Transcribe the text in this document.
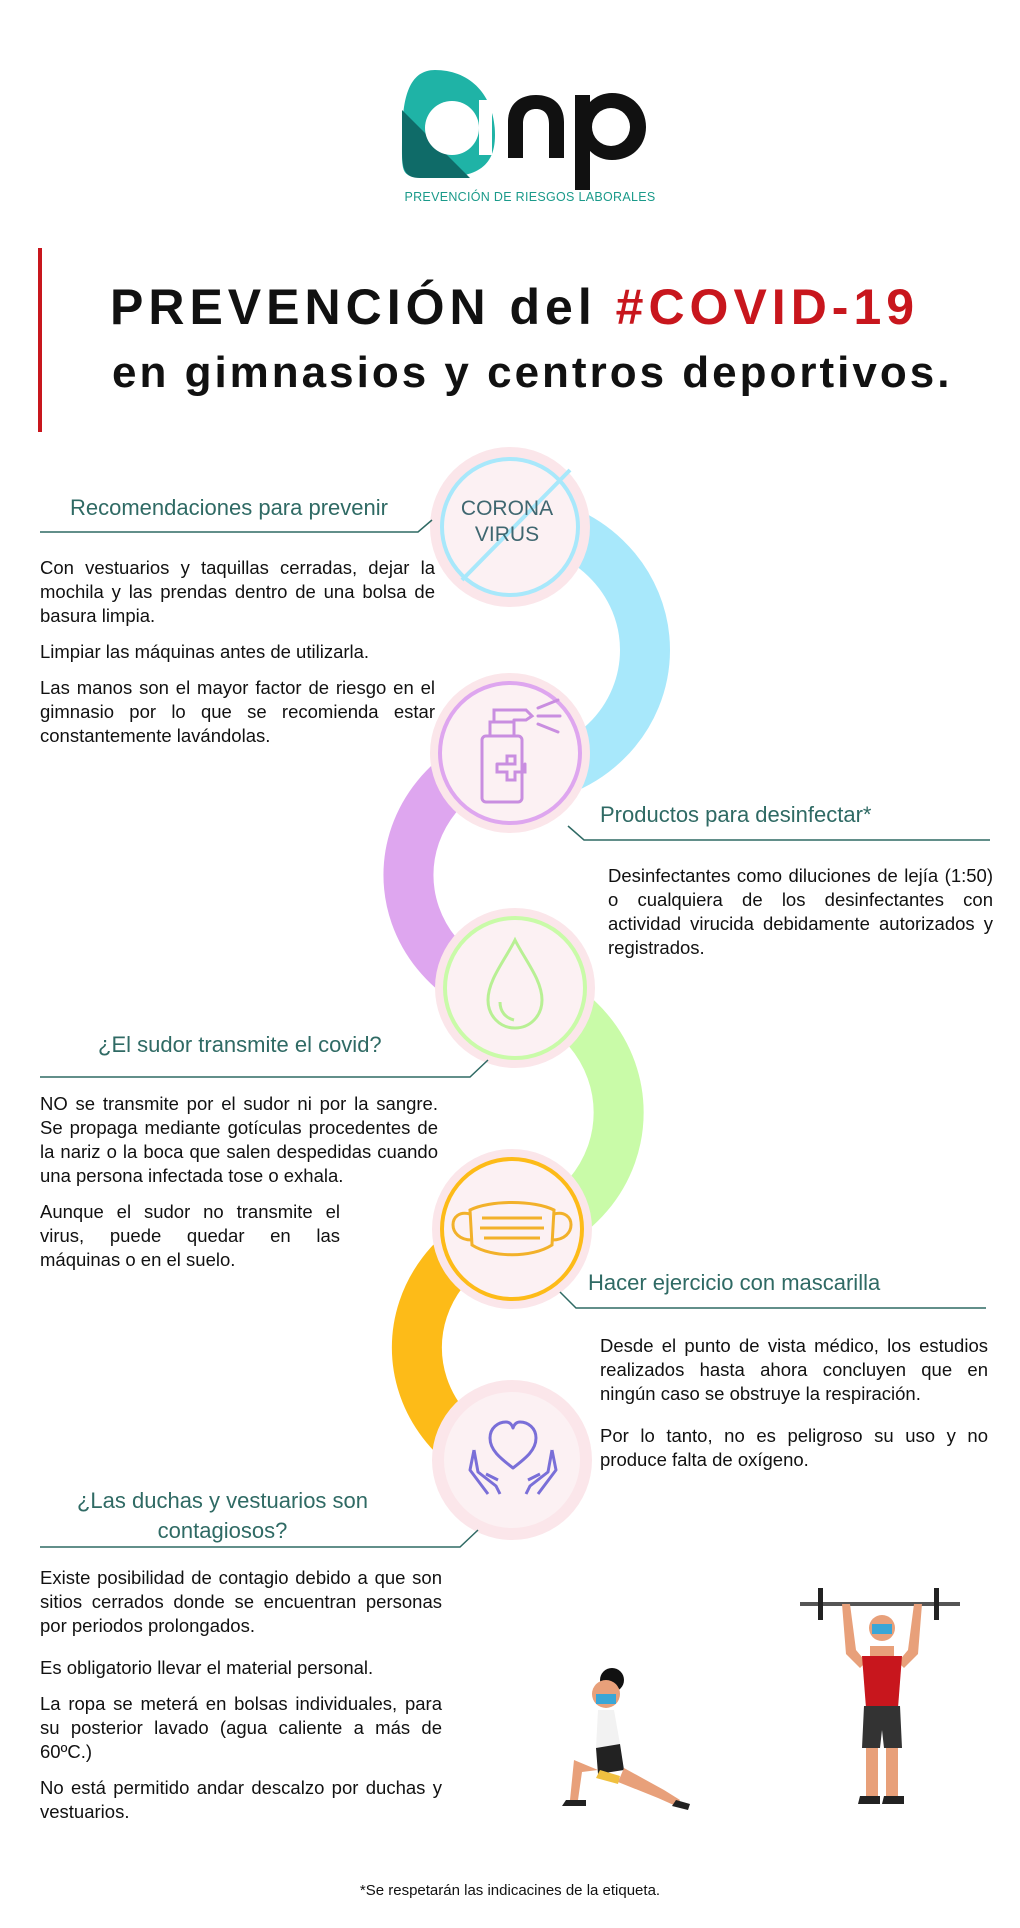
PREVENCIÓN DE RIESGOS LABORALES
PREVENCIÓN del #COVID-19
en gimnasios y centros deportivos.
CORONA VIRUS
Recomendaciones para prevenir

Con vestuarios y taquillas cerradas, dejar la mochila y las prendas dentro de una bolsa de basura limpia.

Limpiar las máquinas antes de utilizarla.

Las manos son el mayor factor de riesgo en el gimnasio por lo que se recomienda estar constantemente lavándolas.

Productos para desinfectar*

Desinfectantes como diluciones de lejía (1:50) o cualquiera de los desinfectantes con actividad virucida debidamente autorizados y registrados.

¿El sudor transmite el covid?

NO se transmite por el sudor ni por la sangre. Se propaga mediante gotículas procedentes de la nariz o la boca que salen despedidas cuando una persona infectada tose o exhala.

Aunque el sudor no transmite el virus, puede quedar en las máquinas o en el suelo.

Hacer ejercicio con mascarilla

Desde el punto de vista médico, los estudios realizados hasta ahora concluyen que en ningún caso se obstruye la respiración.

Por lo tanto, no es peligroso su uso y no produce falta de oxígeno.

¿Las duchas y vestuarios son
contagiosos?

Existe posibilidad de contagio debido a que son sitios cerrados donde se encuentran personas por periodos prolongados.

Es obligatorio llevar el material personal.

La ropa se meterá en bolsas individuales, para su posterior lavado (agua caliente a más de 60ºC.)

No está permitido andar descalzo por duchas y vestuarios.

*Se respetarán las indicacines de la etiqueta.
